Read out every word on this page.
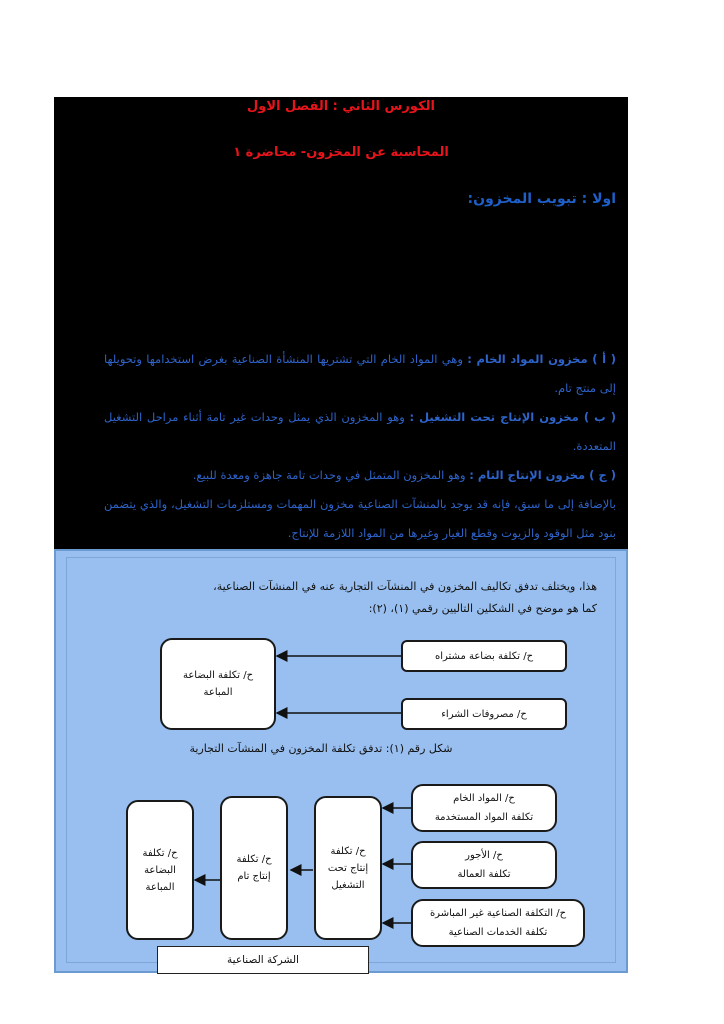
الكورس الثاني : الفصل الاول
المحاسبة عن المخزون- محاضرة ١
اولا : تبويب المخزون:

( أ ) مخزون المواد الخام : وهي المواد الخام التي تشتريها المنشأة الصناعية بغرض استخدامها وتحويلها إلى منتج تام.

( ب ) مخزون الإنتاج تحت التشغيل : وهو المخزون الذي يمثل وحدات غير تامة أثناء مراحل التشغيل المتعددة.

( ج ) مخزون الإنتاج التام : وهو المخزون المتمثل في وحدات تامة جاهزة ومعدة للبيع.

بالإضافة إلى ما سبق، فإنه قد يوجد بالمنشآت الصناعية مخزون المهمات ومستلزمات التشغيل، والذي يتضمن بنود مثل الوقود والزيوت وقطع الغيار وغيرها من المواد اللازمة للإنتاج.

هذا، ويختلف تدفق تكاليف المخزون في المنشآت التجارية عنه في المنشآت الصناعية،
كما هو موضح في الشكلين التاليين رقمي (١)، (٢):
ح/ تكلفة البضاعة
المباعة
ح/ تكلفة بضاعة مشتراه
ح/ مصروفات الشراء
شكل رقم (١): تدفق تكلفة المخزون في المنشآت التجارية
ح/ تكلفة
البضاعة
المباعة
ح/ تكلفة
إنتاج تام
ح/ تكلفة
إنتاج تحت
التشغيل
ح/ المواد الخام
تكلفة المواد المستخدمة
ح/ الأجور
تكلفة العمالة
ح/ التكلفة الصناعية غير المباشرة
تكلفة الخدمات الصناعية
الشركة الصناعية
